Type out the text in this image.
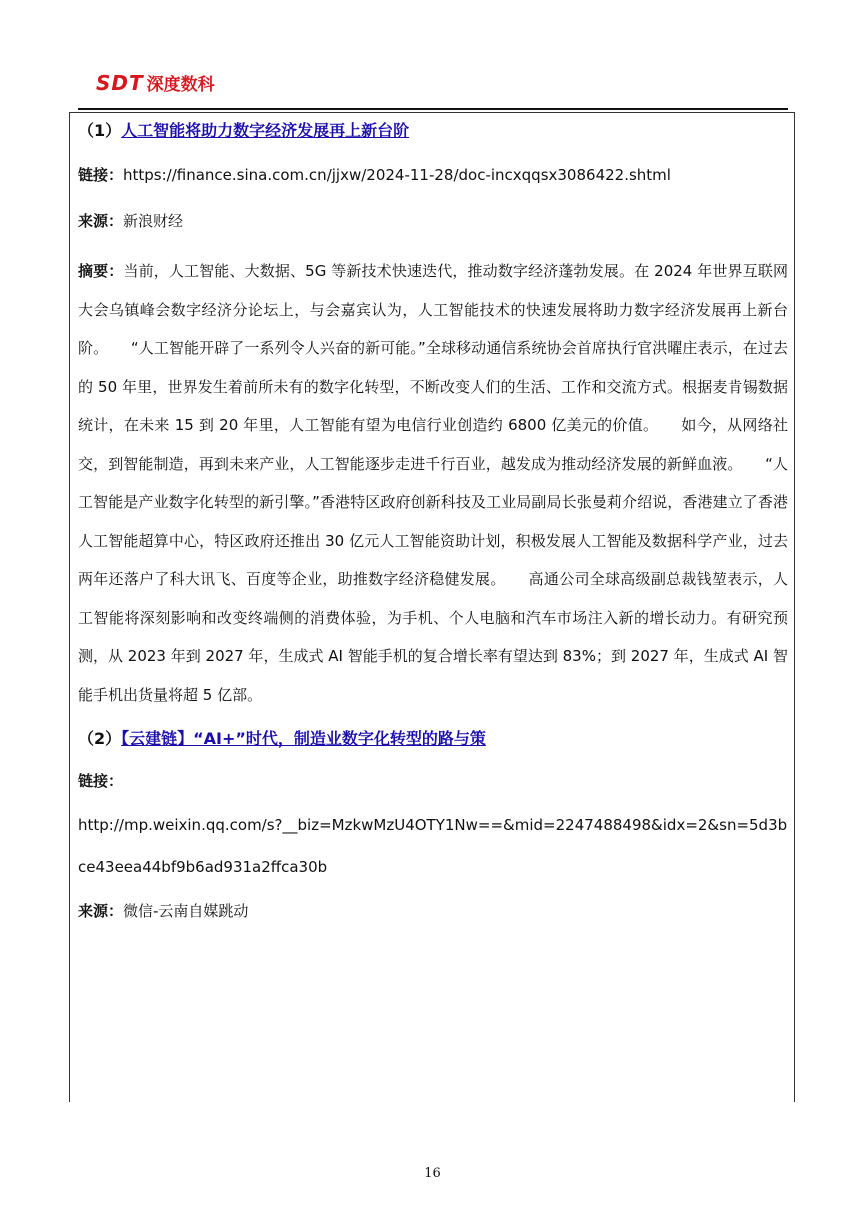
SDT 深度数科
（1）人工智能将助力数字经济发展再上新台阶

链接：https://finance.sina.com.cn/jjxw/2024-11-28/doc-incxqqsx3086422.shtml

来源：新浪财经

摘要：当前，人工智能、大数据、5G 等新技术快速迭代，推动数字经济蓬勃发展。在 2024 年世界互联网大会乌镇峰会数字经济分论坛上，与会嘉宾认为，人工智能技术的快速发展将助力数字经济发展再上新台阶。　　“人工智能开辟了一系列令人兴奋的新可能。”全球移动通信系统协会首席执行官洪曜庄表示，在过去的 50 年里，世界发生着前所未有的数字化转型，不断改变人们的生活、工作和交流方式。根据麦肯锡数据统计，在未来 15 到 20 年里，人工智能有望为电信行业创造约 6800 亿美元的价值。　　如今，从网络社交，到智能制造，再到未来产业，人工智能逐步走进千行百业，越发成为推动经济发展的新鲜血液。　　“人工智能是产业数字化转型的新引擎。”香港特区政府创新科技及工业局副局长张曼莉介绍说，香港建立了香港人工智能超算中心，特区政府还推出 30 亿元人工智能资助计划，积极发展人工智能及数据科学产业，过去两年还落户了科大讯飞、百度等企业，助推数字经济稳健发展。　　高通公司全球高级副总裁钱堃表示，人工智能将深刻影响和改变终端侧的消费体验，为手机、个人电脑和汽车市场注入新的增长动力。有研究预测，从 2023 年到 2027 年，生成式 AI 智能手机的复合增长率有望达到 83%；到 2027 年，生成式 AI 智能手机出货量将超 5 亿部。

（2）【云建链】“AI+”时代，制造业数字化转型的路与策

链接：

http://mp.weixin.qq.com/s?__biz=MzkwMzU4OTY1Nw==&mid=2247488498&idx=2&sn=5d3bce43eea44bf9b6ad931a2ffca30b

来源：微信-云南自媒跳动

16
